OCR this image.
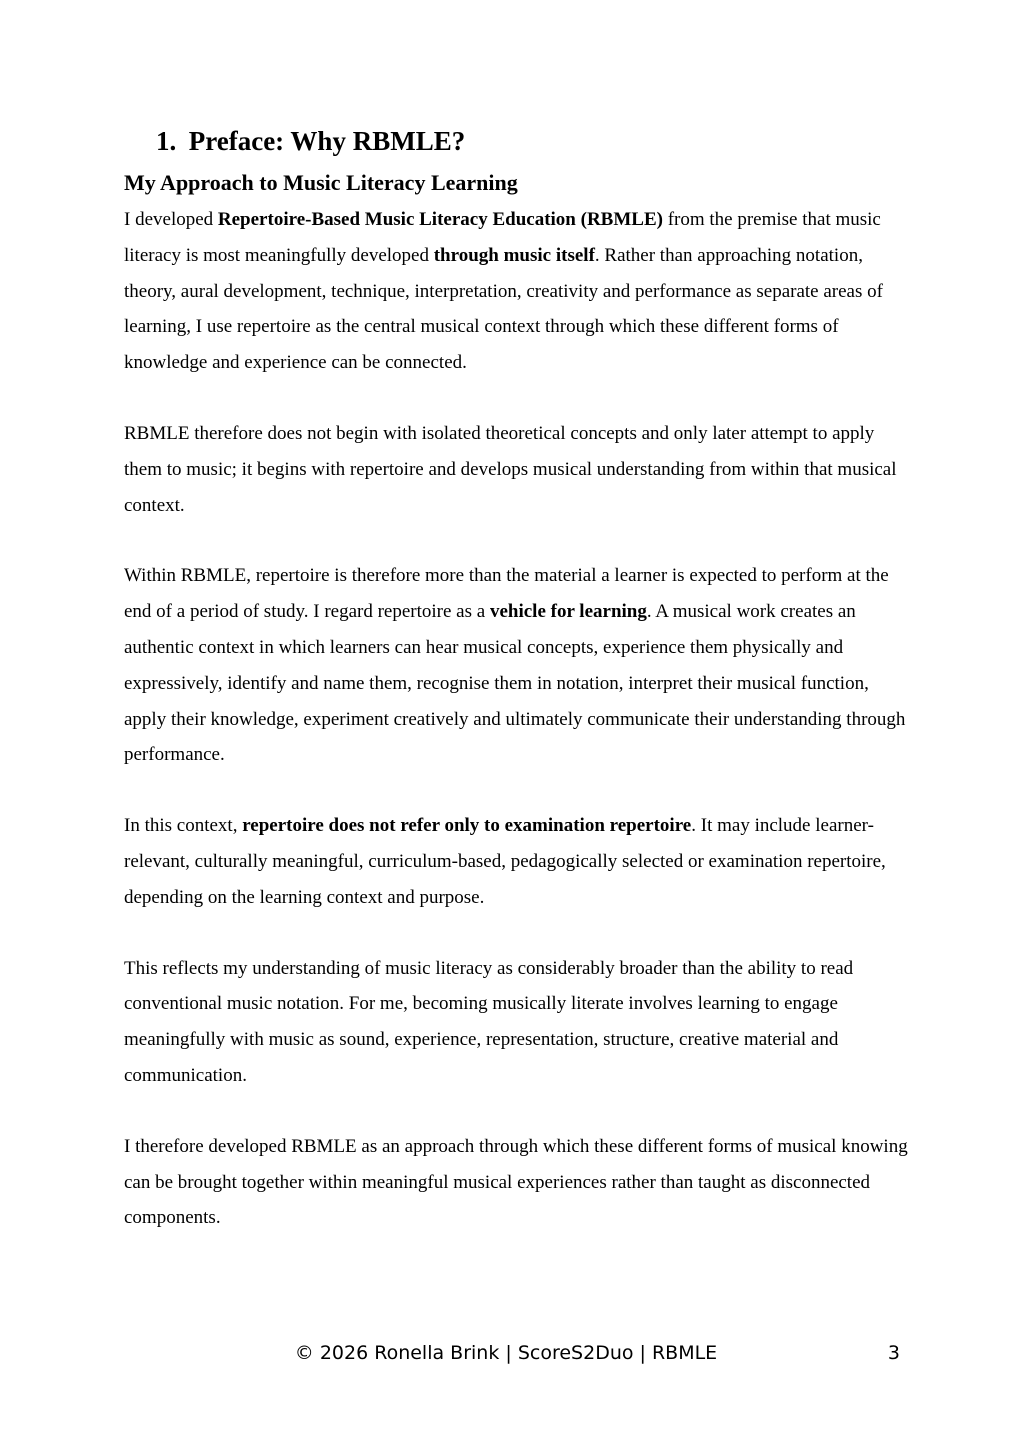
1. Preface: Why RBMLE?
My Approach to Music Literacy Learning

I developed Repertoire-Based Music Literacy Education (RBMLE) from the premise that music literacy is most meaningfully developed through music itself. Rather than approaching notation, theory, aural development, technique, interpretation, creativity and performance as separate areas of learning, I use repertoire as the central musical context through which these different forms of knowledge and experience can be connected.

RBMLE therefore does not begin with isolated theoretical concepts and only later attempt to apply them to music; it begins with repertoire and develops musical understanding from within that musical context.

Within RBMLE, repertoire is therefore more than the material a learner is expected to perform at the end of a period of study. I regard repertoire as a vehicle for learning. A musical work creates an authentic context in which learners can hear musical concepts, experience them physically and expressively, identify and name them, recognise them in notation, interpret their musical function, apply their knowledge, experiment creatively and ultimately communicate their understanding through performance.

In this context, repertoire does not refer only to examination repertoire. It may include learner-relevant, culturally meaningful, curriculum-based, pedagogically selected or examination repertoire, depending on the learning context and purpose.

This reflects my understanding of music literacy as considerably broader than the ability to read conventional music notation. For me, becoming musically literate involves learning to engage meaningfully with music as sound, experience, representation, structure, creative material and communication.

I therefore developed RBMLE as an approach through which these different forms of musical knowing can be brought together within meaningful musical experiences rather than taught as disconnected components.

© 2026 Ronella Brink | ScoreS2Duo | RBMLE	3
